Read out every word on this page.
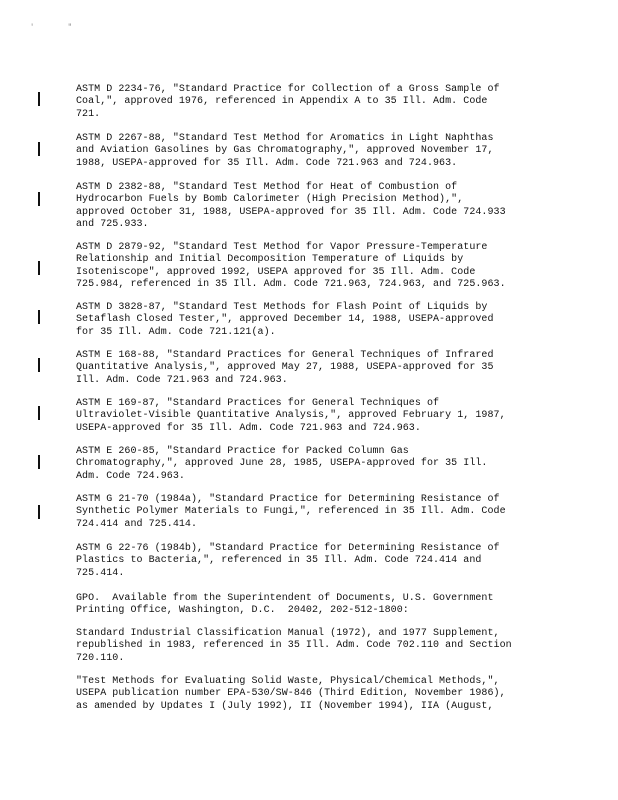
'        "
ASTM D 2234-76, "Standard Practice for Collection of a Gross Sample of
Coal,", approved 1976, referenced in Appendix A to 35 Ill. Adm. Code
721.
ASTM D 2267-88, "Standard Test Method for Aromatics in Light Naphthas
and Aviation Gasolines by Gas Chromatography,", approved November 17,
1988, USEPA-approved for 35 Ill. Adm. Code 721.963 and 724.963.
ASTM D 2382-88, "Standard Test Method for Heat of Combustion of
Hydrocarbon Fuels by Bomb Calorimeter (High Precision Method),",
approved October 31, 1988, USEPA-approved for 35 Ill. Adm. Code 724.933
and 725.933.
ASTM D 2879-92, "Standard Test Method for Vapor Pressure-Temperature
Relationship and Initial Decomposition Temperature of Liquids by
Isoteniscope", approved 1992, USEPA approved for 35 Ill. Adm. Code
725.984, referenced in 35 Ill. Adm. Code 721.963, 724.963, and 725.963.
ASTM D 3828-87, "Standard Test Methods for Flash Point of Liquids by
Setaflash Closed Tester,", approved December 14, 1988, USEPA-approved
for 35 Ill. Adm. Code 721.121(a).
ASTM E 168-88, "Standard Practices for General Techniques of Infrared
Quantitative Analysis,", approved May 27, 1988, USEPA-approved for 35
Ill. Adm. Code 721.963 and 724.963.
ASTM E 169-87, "Standard Practices for General Techniques of
Ultraviolet-Visible Quantitative Analysis,", approved February 1, 1987,
USEPA-approved for 35 Ill. Adm. Code 721.963 and 724.963.
ASTM E 260-85, "Standard Practice for Packed Column Gas
Chromatography,", approved June 28, 1985, USEPA-approved for 35 Ill.
Adm. Code 724.963.
ASTM G 21-70 (1984a), "Standard Practice for Determining Resistance of
Synthetic Polymer Materials to Fungi,", referenced in 35 Ill. Adm. Code
724.414 and 725.414.
ASTM G 22-76 (1984b), "Standard Practice for Determining Resistance of
Plastics to Bacteria,", referenced in 35 Ill. Adm. Code 724.414 and
725.414.
GPO.  Available from the Superintendent of Documents, U.S. Government
Printing Office, Washington, D.C.  20402, 202-512-1800:
Standard Industrial Classification Manual (1972), and 1977 Supplement,
republished in 1983, referenced in 35 Ill. Adm. Code 702.110 and Section
720.110.
"Test Methods for Evaluating Solid Waste, Physical/Chemical Methods,",
USEPA publication number EPA-530/SW-846 (Third Edition, November 1986),
as amended by Updates I (July 1992), II (November 1994), IIA (August,
